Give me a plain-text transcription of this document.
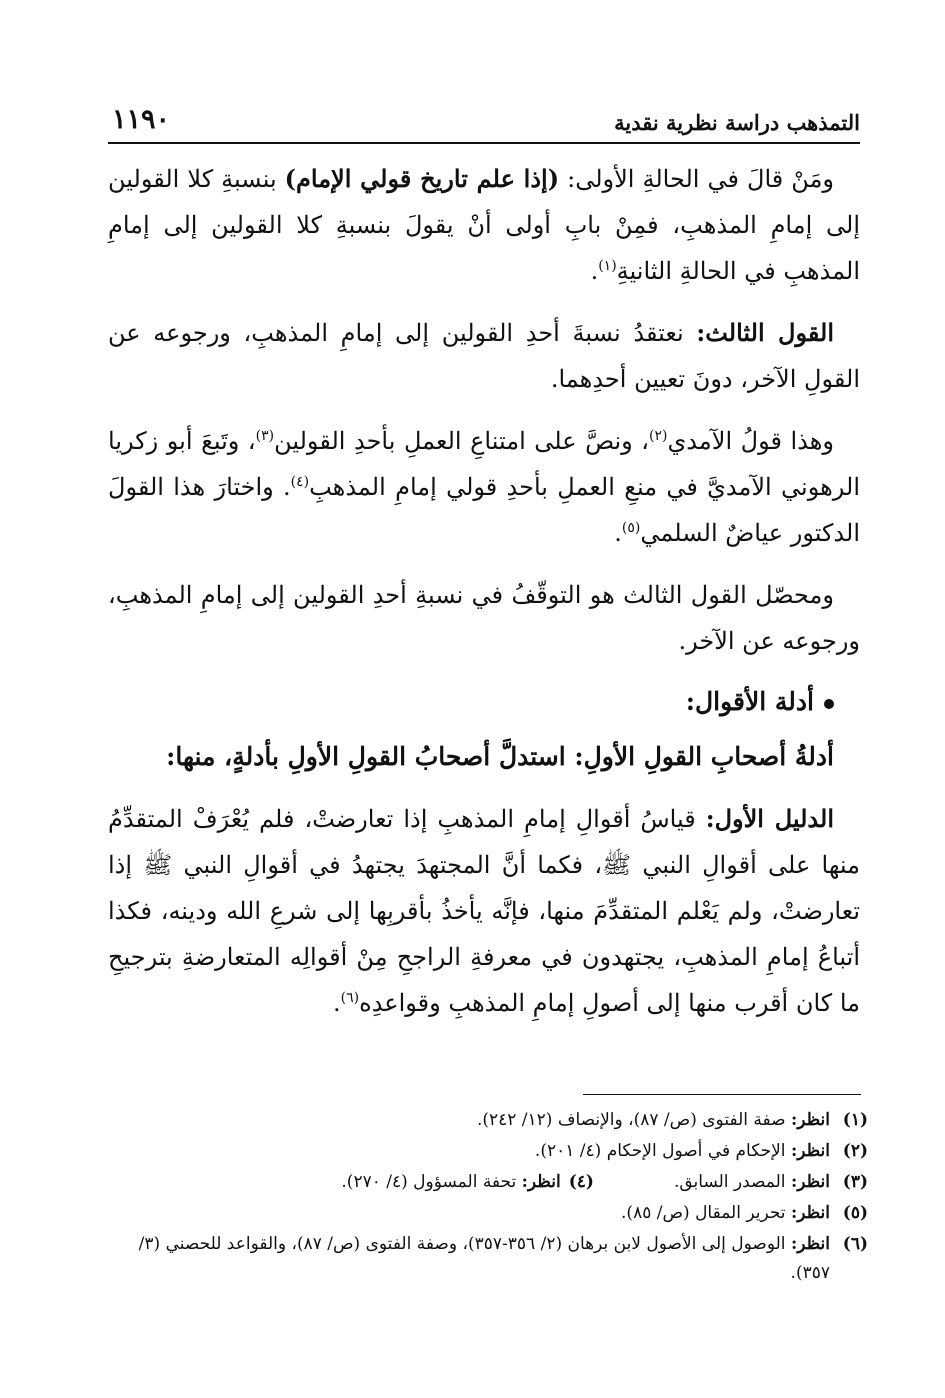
التمذهب دراسة نظرية نقدية
١١٩٠

ومَنْ قالَ في الحالةِ الأولى: (إذا علم تاريخ قولي الإمام) بنسبةِ كلا القولين إلى إمامِ المذهبِ، فمِنْ بابِ أولى أنْ يقولَ بنسبةِ كلا القولين إلى إمامِ المذهبِ في الحالةِ الثانيةِ$^{(١)}$.

القول الثالث: نعتقدُ نسبةَ أحدِ القولين إلى إمامِ المذهبِ، ورجوعه عن القولِ الآخر، دونَ تعيين أحدِهما.

وهذا قولُ الآمدي$^{(٢)}$، ونصَّ على امتناعِ العملِ بأحدِ القولين$^{(٣)}$، وتَبعَ أبو زكريا الرهوني الآمديَّ في منعِ العملِ بأحدِ قولي إمامِ المذهبِ$^{(٤)}$. واختارَ هذا القولَ الدكتور عياضٌ السلمي$^{(٥)}$.

ومحصّل القول الثالث هو التوقّفُ في نسبةِ أحدِ القولين إلى إمامِ المذهبِ، ورجوعه عن الآخر.

أدلة الأقوال:

أدلةُ أصحابِ القولِ الأولِ: استدلَّ أصحابُ القولِ الأولِ بأدلةٍ، منها:

الدليل الأول: قياسُ أقوالِ إمامِ المذهبِ إذا تعارضتْ، فلم يُعْرَفْ المتقدِّمُ منها على أقوالِ النبي ﷺ، فكما أنَّ المجتهدَ يجتهدُ في أقوالِ النبي ﷺ إذا تعارضتْ، ولم يَعْلم المتقدِّمَ منها، فإنَّه يأخذُ بأقربِها إلى شرعِ الله ودينه، فكذا أتباعُ إمامِ المذهبِ، يجتهدون في معرفةِ الراجحِ مِنْ أقوالِه المتعارضةِ بترجيحِ ما كان أقرب منها إلى أصولِ إمامِ المذهبِ وقواعدِه$^{(٦)}$.

(١)
انظر: صفة الفتوى (ص/ ٨٧)، والإنصاف (١٢/ ٢٤٢).
(٢)
انظر: الإحكام في أصول الإحكام (٤/ ٢٠١).
(٣)
انظر: المصدر السابق.(٤)انظر: تحفة المسؤول (٤/ ٢٧٠).
(٥)
انظر: تحرير المقال (ص/ ٨٥).
(٦)
انظر: الوصول إلى الأصول لابن برهان (٢/ ٣٥٦-٣٥٧)، وصفة الفتوى (ص/ ٨٧)، والقواعد للحصني (٣/ ٣٥٧).
